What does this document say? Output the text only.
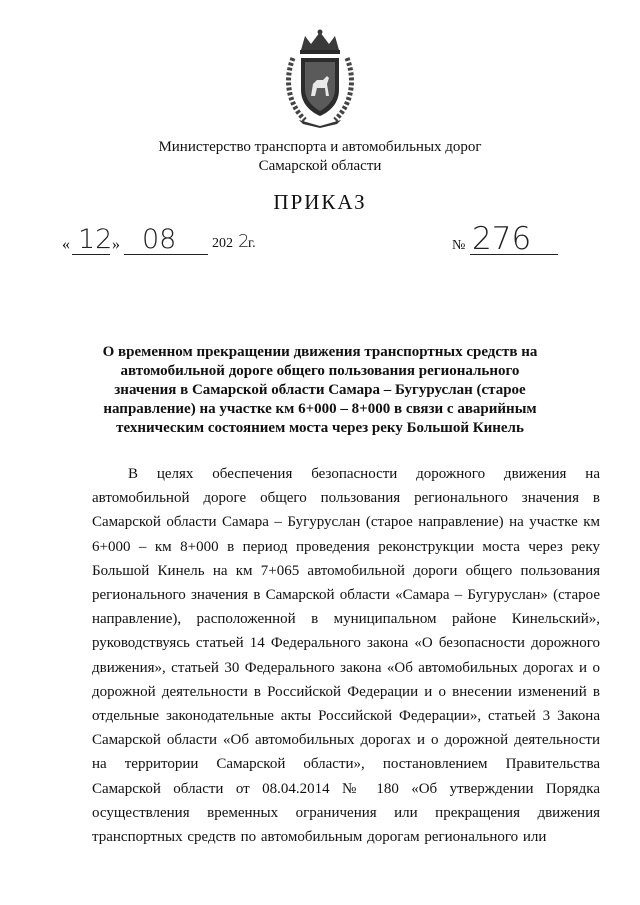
Министерство транспорта и автомобильных дорог
Самарской области
ПРИКАЗ
« 12 » 08	202 2
г.	№ 276
О временном прекращении движения транспортных средств на автомобильной дороге общего пользования регионального значения в Самарской области Самара – Бугуруслан (старое направление) на участке км 6+000 – 8+000 в связи с аварийным техническим состоянием моста через реку Большой Кинель
В целях обеспечения безопасности дорожного движения на автомобильной дороге общего пользования регионального значения в Самарской области Самара – Бугуруслан (старое направление) на участке км 6+000 – км 8+000 в период проведения реконструкции моста через реку Большой Кинель на км 7+065 автомобильной дороги общего пользования регионального значения в Самарской области «Самара – Бугуруслан» (старое направление), расположенной в муниципальном районе Кинельский», руководствуясь статьей 14 Федерального закона «О безопасности дорожного движения», статьей 30 Федерального закона «Об автомобильных дорогах и о дорожной деятельности в Российской Федерации и о внесении изменений в отдельные законодательные акты Российской Федерации», статьей 3 Закона Самарской области «Об автомобильных дорогах и о дорожной деятельности на территории Самарской области», постановлением Правительства Самарской области от 08.04.2014 № 180 «Об утверждении Порядка осуществления временных ограничения или прекращения движения транспортных средств по автомобильным дорогам регионального или
